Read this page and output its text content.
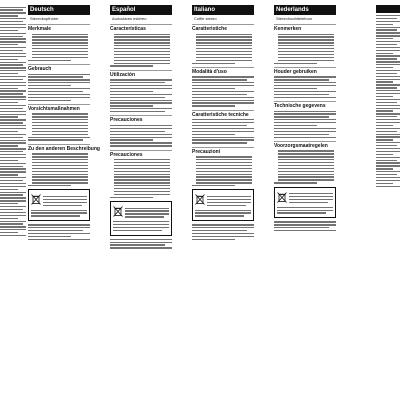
Deutsch
Stereokopfhörer
Merkmale
Gebrauch
Vorsichtsmaßnahmen
Zu den anderen Beschreibung
Español
Auriculares estéreo
Características
Utilización
Precauciones
Precauciones
Italiano
Cuffie stereo
Caratteristiche
Modalità d'uso
Caratteristiche tecniche
Precauzioni
Nederlands
Stereohoofdtelefoon
Kenmerken
Houder gebruiken
Technische gegevens
Voorzorgsmaatregelen
